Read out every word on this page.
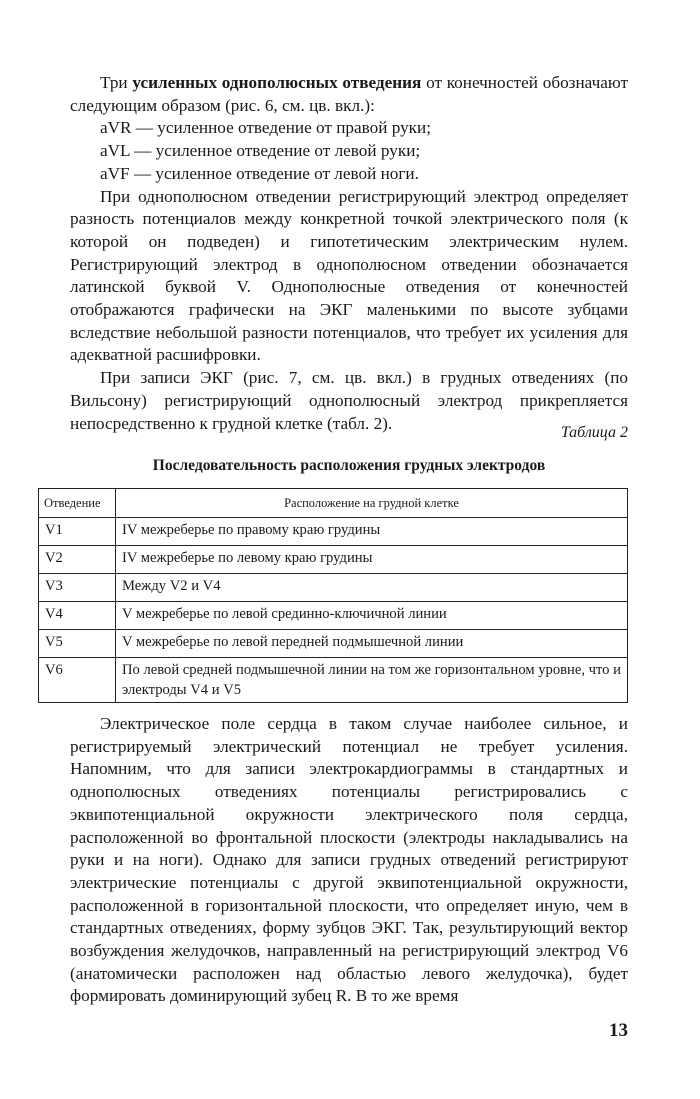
Три усиленных однополюсных отведения от конечностей обозначают следующим образом (рис. 6, см. цв. вкл.):

aVR — усиленное отведение от правой руки;
aVL — усиленное отведение от левой руки;
aVF — усиленное отведение от левой ноги.

При однополюсном отведении регистрирующий электрод определяет разность потенциалов между конкретной точкой электрического поля (к которой он подведен) и гипотетическим электрическим нулем. Регистрирующий электрод в однополюсном отведении обозначается латинской буквой V. Однополюсные отведения от конечностей отображаются графически на ЭКГ маленькими по высоте зубцами вследствие небольшой разности потенциалов, что требует их усиления для адекватной расшифровки.

При записи ЭКГ (рис. 7, см. цв. вкл.) в грудных отведениях (по Вильсону) регистрирующий однополюсный электрод прикрепляется непосредственно к грудной клетке (табл. 2).	Таблица 2
Последовательность расположения грудных электродов
Отведение	Расположение на грудной клетке
V1	IV межреберье по правому краю грудины
V2	IV межреберье по левому краю грудины
V3	Между V2 и V4
V4	V межреберье по левой срединно-ключичной линии
V5	V межреберье по левой передней подмышечной линии
V6	По левой средней подмышечной линии на том же горизонтальном уровне, что и электроды V4 и V5

Электрическое поле сердца в таком случае наиболее сильное, и регистрируемый электрический потенциал не требует усиления. Напомним, что для записи электрокардиограммы в стандартных и однополюсных отведениях потенциалы регистрировались с эквипотенциальной окружности электрического поля сердца, расположенной во фронтальной плоскости (электроды накладывались на руки и на ноги). Однако для записи грудных отведений регистрируют электрические потенциалы с другой эквипотенциальной окружности, расположенной в горизонтальной плоскости, что определяет иную, чем в стандартных отведениях, форму зубцов ЭКГ. Так, результирующий вектор возбуждения желудочков, направленный на регистрирующий электрод V6 (анатомически расположен над областью левого желудочка), будет формировать доминирующий зубец R. В то же время

13
